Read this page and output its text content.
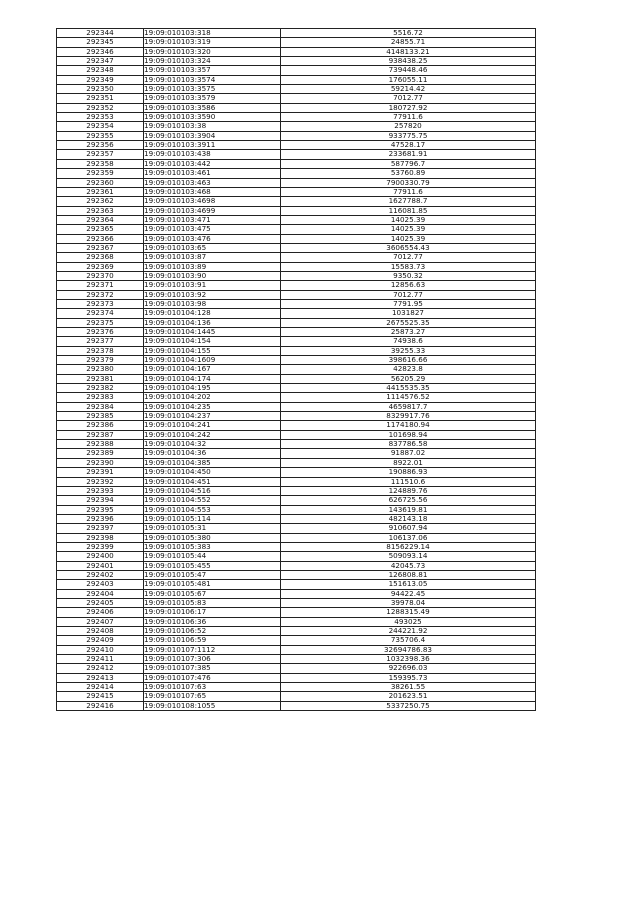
292344	19:09:010103:318	5516.72
292345	19:09:010103:319	24855.71
292346	19:09:010103:320	4148133.21
292347	19:09:010103:324	938438.25
292348	19:09:010103:357	739448.46
292349	19:09:010103:3574	176055.11
292350	19:09:010103:3575	59214.42
292351	19:09:010103:3579	7012.77
292352	19:09:010103:3586	180727.92
292353	19:09:010103:3590	77911.6
292354	19:09:010103:38	257820
292355	19:09:010103:3904	933775.75
292356	19:09:010103:3911	47528.17
292357	19:09:010103:438	233681.91
292358	19:09:010103:442	587796.7
292359	19:09:010103:461	53760.89
292360	19:09:010103:463	7900330.79
292361	19:09:010103:468	77911.6
292362	19:09:010103:4698	1627788.7
292363	19:09:010103:4699	116081.85
292364	19:09:010103:471	14025.39
292365	19:09:010103:475	14025.39
292366	19:09:010103:476	14025.39
292367	19:09:010103:65	3606554.43
292368	19:09:010103:87	7012.77
292369	19:09:010103:89	15583.73
292370	19:09:010103:90	9350.32
292371	19:09:010103:91	12856.63
292372	19:09:010103:92	7012.77
292373	19:09:010103:98	7791.95
292374	19:09:010104:128	1031827
292375	19:09:010104:136	2675525.35
292376	19:09:010104:1445	25873.27
292377	19:09:010104:154	74938.6
292378	19:09:010104:155	39255.33
292379	19:09:010104:1609	398616.66
292380	19:09:010104:167	42823.8
292381	19:09:010104:174	56205.29
292382	19:09:010104:195	4415535.35
292383	19:09:010104:202	1114576.52
292384	19:09:010104:235	4659817.7
292385	19:09:010104:237	8329917.76
292386	19:09:010104:241	1174180.94
292387	19:09:010104:242	101698.94
292388	19:09:010104:32	837786.58
292389	19:09:010104:36	91887.02
292390	19:09:010104:385	8922.01
292391	19:09:010104:450	190886.93
292392	19:09:010104:451	111510.6
292393	19:09:010104:516	124889.76
292394	19:09:010104:552	626725.56
292395	19:09:010104:553	143619.81
292396	19:09:010105:114	482143.18
292397	19:09:010105:31	910607.94
292398	19:09:010105:380	106137.06
292399	19:09:010105:383	8156229.14
292400	19:09:010105:44	509093.14
292401	19:09:010105:455	42045.73
292402	19:09:010105:47	126808.81
292403	19:09:010105:481	151613.05
292404	19:09:010105:67	94422.45
292405	19:09:010105:83	39978.04
292406	19:09:010106:17	1288315.49
292407	19:09:010106:36	493025
292408	19:09:010106:52	244221.92
292409	19:09:010106:59	735706.4
292410	19:09:010107:1112	32694786.83
292411	19:09:010107:306	1032398.36
292412	19:09:010107:385	922696.03
292413	19:09:010107:476	159395.73
292414	19:09:010107:63	38261.55
292415	19:09:010107:65	201623.51
292416	19:09:010108:1055	5337250.75
